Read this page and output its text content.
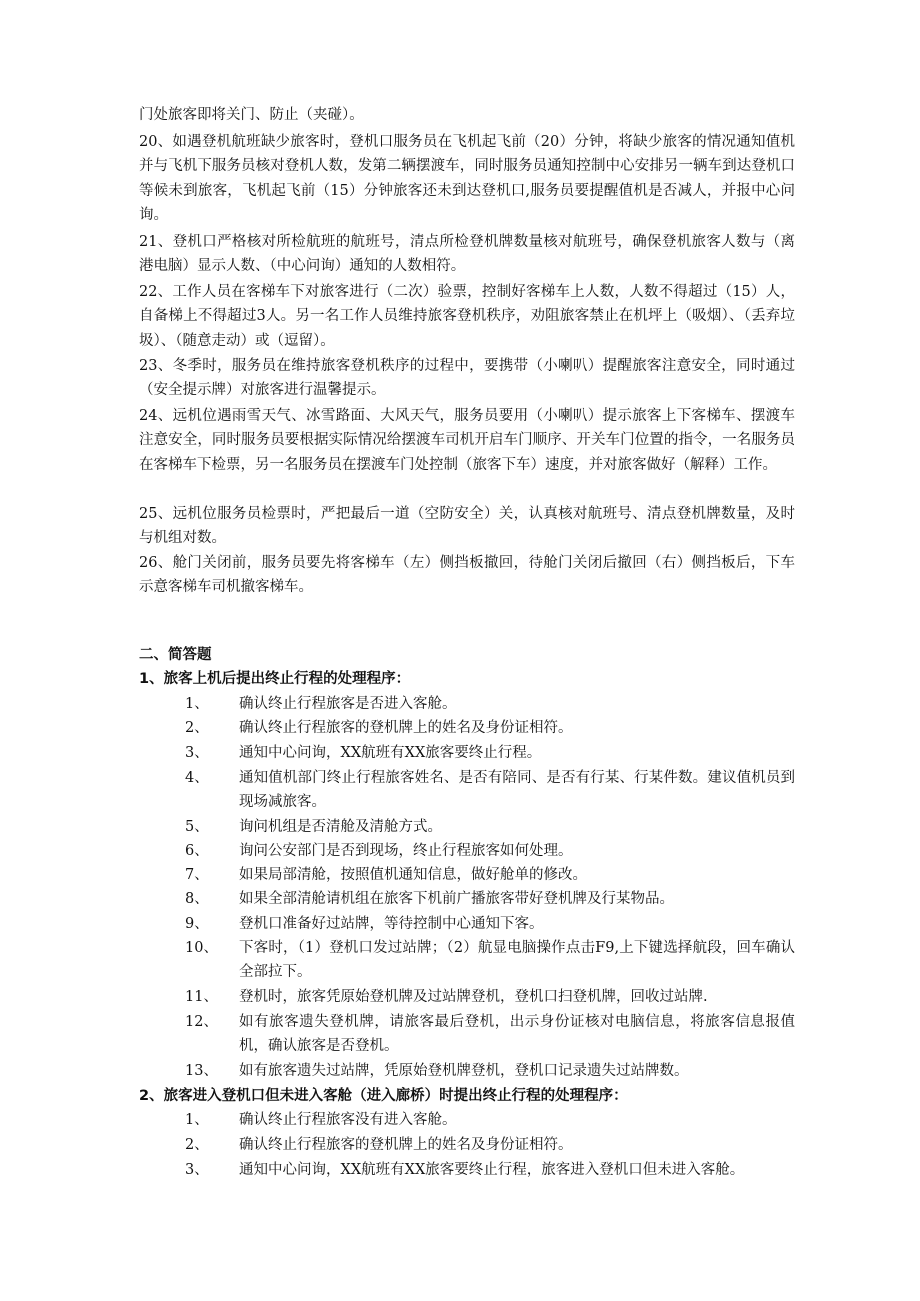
门处旅客即将关门、防止（夹碰）。

20、如遇登机航班缺少旅客时，登机口服务员在飞机起飞前（20）分钟，将缺少旅客的情况通知值机并与飞机下服务员核对登机人数，发第二辆摆渡车，同时服务员通知控制中心安排另一辆车到达登机口等候未到旅客，飞机起飞前（15）分钟旅客还未到达登机口,服务员要提醒值机是否减人，并报中心问询。

21、登机口严格核对所检航班的航班号，清点所检登机牌数量核对航班号，确保登机旅客人数与（离港电脑）显示人数、（中心问询）通知的人数相符。

22、工作人员在客梯车下对旅客进行（二次）验票，控制好客梯车上人数，人数不得超过（15）人，自备梯上不得超过3人。另一名工作人员维持旅客登机秩序，劝阻旅客禁止在机坪上（吸烟）、（丢弃垃圾）、（随意走动）或（逗留）。

23、冬季时，服务员在维持旅客登机秩序的过程中，要携带（小喇叭）提醒旅客注意安全，同时通过（安全提示牌）对旅客进行温馨提示。

24、远机位遇雨雪天气、冰雪路面、大风天气，服务员要用（小喇叭）提示旅客上下客梯车、摆渡车注意安全，同时服务员要根据实际情况给摆渡车司机开启车门顺序、开关车门位置的指令，一名服务员在客梯车下检票，另一名服务员在摆渡车门处控制（旅客下车）速度，并对旅客做好（解释）工作。

25、远机位服务员检票时，严把最后一道（空防安全）关，认真核对航班号、清点登机牌数量，及时与机组对数。

26、舱门关闭前，服务员要先将客梯车（左）侧挡板撤回，待舱门关闭后撤回（右）侧挡板后，下车示意客梯车司机撤客梯车。

二、简答题
1、旅客上机后提出终止行程的处理程序：
1、	确认终止行程旅客是否进入客舱。
2、	确认终止行程旅客的登机牌上的姓名及身份证相符。
3、	通知中心问询，XX航班有XX旅客要终止行程。
4、	通知值机部门终止行程旅客姓名、是否有陪同、是否有行某、行某件数。建议值机员到现场减旅客。
5、	询问机组是否清舱及清舱方式。
6、	询问公安部门是否到现场，终止行程旅客如何处理。
7、	如果局部清舱，按照值机通知信息，做好舱单的修改。
8、	如果全部清舱请机组在旅客下机前广播旅客带好登机牌及行某物品。
9、	登机口准备好过站牌，等待控制中心通知下客。
10、	下客时，（1）登机口发过站牌；（2）航显电脑操作点击F9,上下键选择航段，回车确认全部拉下。
11、	登机时，旅客凭原始登机牌及过站牌登机，登机口扫登机牌，回收过站牌.
12、	如有旅客遗失登机牌，请旅客最后登机，出示身份证核对电脑信息，将旅客信息报值机，确认旅客是否登机。
13、	如有旅客遗失过站牌，凭原始登机牌登机，登机口记录遗失过站牌数。
2、旅客进入登机口但未进入客舱（进入廊桥）时提出终止行程的处理程序：
1、	确认终止行程旅客没有进入客舱。
2、	确认终止行程旅客的登机牌上的姓名及身份证相符。
3、	通知中心问询，XX航班有XX旅客要终止行程，旅客进入登机口但未进入客舱。
